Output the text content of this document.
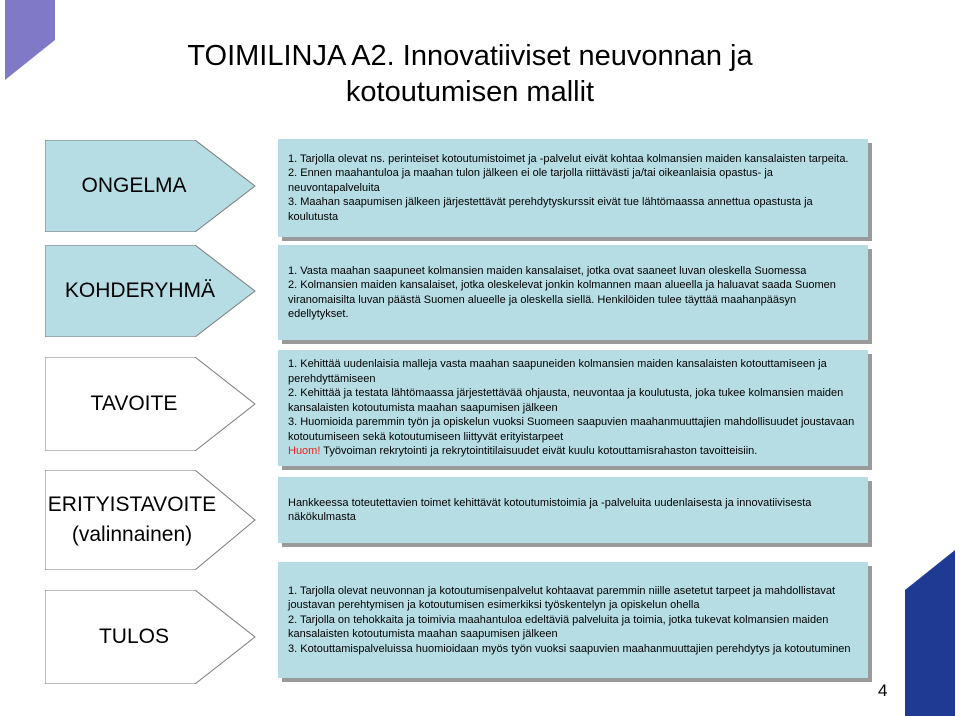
TOIMILINJA A2. Innovatiiviset neuvonnan ja kotoutumisen mallit
ONGELMA

1. Tarjolla olevat ns. perinteiset kotoutumistoimet ja -palvelut eivät kohtaa kolmansien maiden kansalaisten tarpeita.

2. Ennen maahantuloa ja maahan tulon jälkeen ei ole tarjolla riittävästi ja/tai oikeanlaisia opastus- ja neuvontapalveluita

3. Maahan saapumisen jälkeen järjestettävät perehdytyskurssit eivät tue lähtömaassa annettua opastusta ja koulutusta

KOHDERYHMÄ

1. Vasta maahan saapuneet kolmansien maiden kansalaiset, jotka ovat saaneet luvan oleskella Suomessa

2. Kolmansien maiden kansalaiset, jotka oleskelevat jonkin kolmannen maan alueella ja haluavat saada Suomen viranomaisilta luvan päästä Suomen alueelle ja oleskella siellä. Henkilöiden tulee täyttää maahanpääsyn edellytykset.

TAVOITE

1. Kehittää uudenlaisia malleja vasta maahan saapuneiden kolmansien maiden kansalaisten kotouttamiseen ja perehdyttämiseen

2. Kehittää ja testata lähtömaassa järjestettävää ohjausta, neuvontaa ja koulutusta, joka tukee kolmansien maiden kansalaisten kotoutumista maahan saapumisen jälkeen

3. Huomioida paremmin työn ja opiskelun vuoksi Suomeen saapuvien maahanmuuttajien mahdollisuudet joustavaan kotoutumiseen sekä kotoutumiseen liittyvät erityistarpeet

Huom! Työvoiman rekrytointi ja rekrytointitilaisuudet eivät kuulu kotouttamisrahaston tavoitteisiin.

ERITYISTAVOITE
(valinnainen)

Hankkeessa toteutettavien toimet kehittävät kotoutumistoimia ja -palveluita uudenlaisesta ja innovatiivisesta näkökulmasta

TULOS

1. Tarjolla olevat neuvonnan ja kotoutumisenpalvelut kohtaavat paremmin niille asetetut tarpeet ja mahdollistavat joustavan perehtymisen ja kotoutumisen esimerkiksi työskentelyn ja opiskelun ohella

2. Tarjolla on tehokkaita ja toimivia maahantuloa edeltäviä palveluita ja toimia, jotka tukevat kolmansien maiden kansalaisten kotoutumista maahan saapumisen jälkeen

3. Kotouttamispalveluissa huomioidaan myös työn vuoksi saapuvien maahanmuuttajien perehdytys ja kotoutuminen

4
